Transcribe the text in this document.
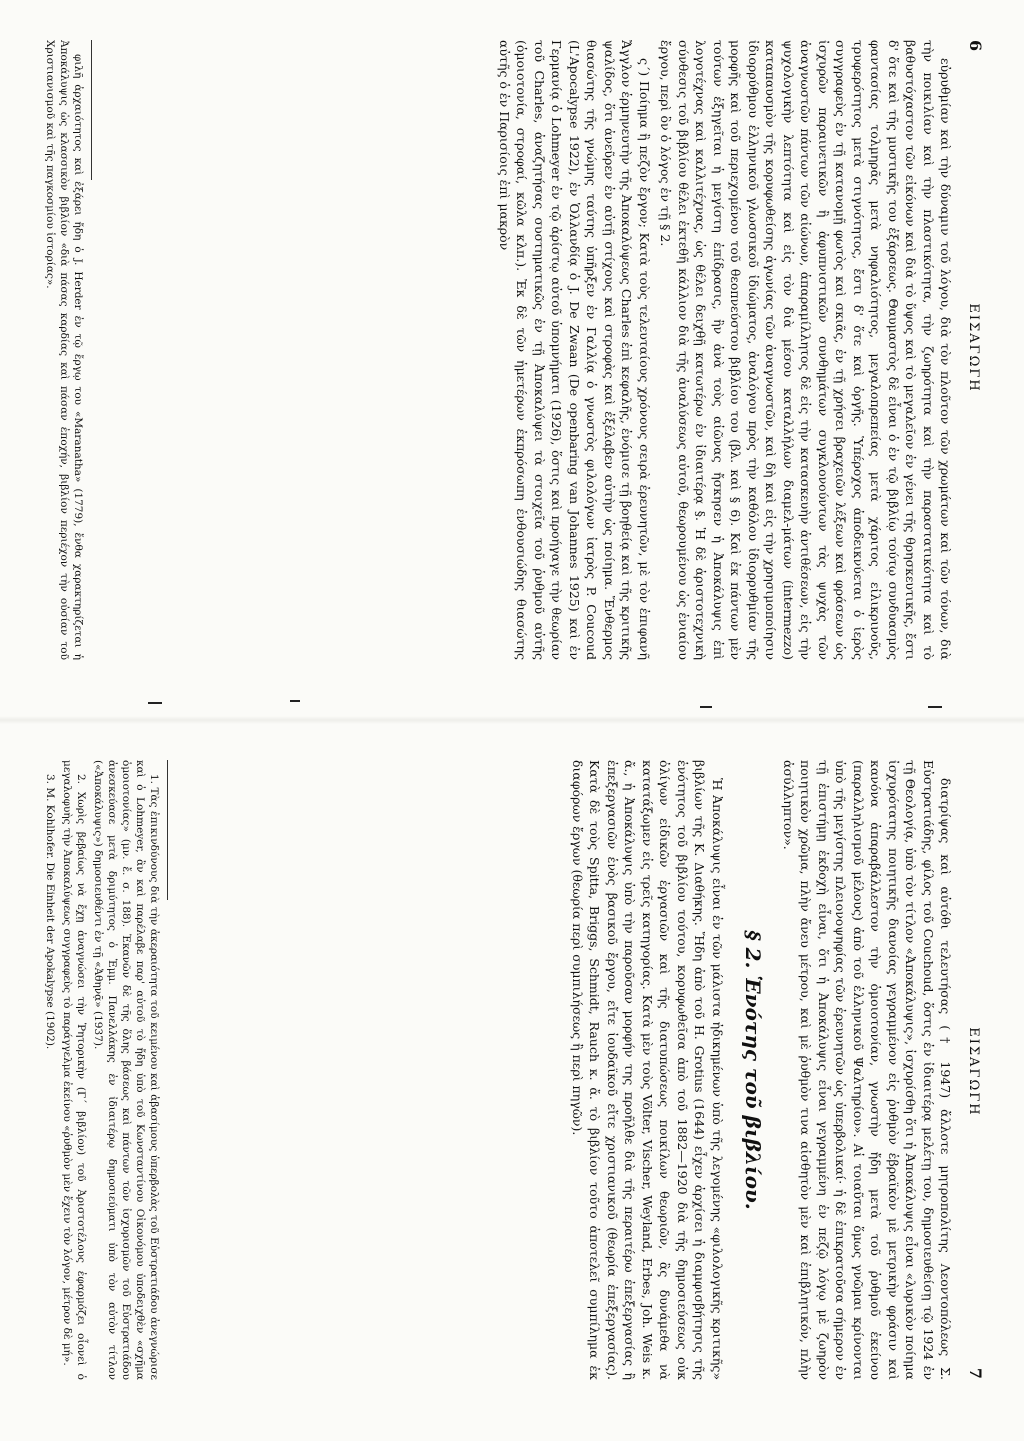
6
ΕΙΣΑΓΩΓΗ

εὐρυθμίαν καὶ τὴν δύναμιν τοῦ λόγου, διὰ τὸν πλοῦτον τῶν χρωμάτων καὶ τῶν τόνων, διὰ τὴν ποικιλίαν καὶ τὴν πλαστικότητα, τὴν ζωηρότητα καὶ τὴν παραστατικότητα καὶ τὸ βαθυστόχαστον τῶν εἰκόνων καὶ διὰ τὸ ὕψος καὶ τὸ μεγαλεῖον ἐν γένει τῆς θρησκευτικῆς, ἔστι δ' ὅτε καὶ τῆς μυστικῆς του ἐξάρσεως. Θαυμαστὸς δὲ εἶναι ὁ ἐν τῷ βιβλίῳ τούτῳ συνδυασμὸς φαντασίας τολμηρᾶς μετὰ νηφαλιότητος, μεγαλοπρεπείας μετὰ χάριτος εἰλικρινοῦς, τρυφερότητος μετὰ στιγνότητος, ἔστι δ' ὅτε καὶ ὀργῆς. Ὑπέροχος ἀποδεικνύεται ὁ ἱερὸς συγγραφεὺς ἐν τῇ κατανομῇ φωτὸς καὶ σκιᾶς, ἐν τῇ χρήσει βραχειῶν λέξεων καὶ φράσεων ὡς ἰσχυρῶν παραινετικῶν ἢ ἀφυπνιστικῶν συνθημάτων συγκλονούντων τὰς ψυχὰς τῶν ἀναγνωστῶν πάντων τῶν αἰώνων, ἀπαραμίλλητος δὲ εἰς τὴν κατασκευὴν ἀντιθέσεων, εἰς τὴν ψυχολογικὴν λεπτότητα καὶ εἰς τὸν διὰ μέσου καταλλήλων διαμελ-μάτων (intermezzo) καταπαυσμὸν τῆς κορυφωθείσης ἀγωνίας τῶν ἀναγνωστῶν, καὶ δὴ καὶ εἰς τὴν χρησιμοποίησιν ἰδιορρύθμου ἑλληνικοῦ γλωσσικοῦ ἰδιώματος, ἀναλόγου πρὸς τὴν καθόλου ἰδιορρυθμίαν τῆς μορφῆς καὶ τοῦ περιεχομένου τοῦ θεοπνεύστου βιβλίου του (βλ. καὶ § 6). Καὶ ἐκ πάντων μὲν τούτων ἐξηγεῖται ἡ μεγίστη ἐπίδρασις, ἣν ἀνὰ τοὺς αἰῶνας ἤσκησεν ἡ Ἀποκάλυψις ἐπὶ λογοτέχνας καὶ καλλιτέχνας, ὡς θέλει δειχθῇ κατωτέρω ἐν ἰδιαιτέρᾳ §. Ἡ δὲ ἀριστοτεχνικὴ σύνθεσις τοῦ βιβλίου θέλει ἐκτεθῆ κάλλιον διὰ τῆς ἀναλύσεως αὐτοῦ, θεωρουμένου ὡς ἑνιαίου ἔργου, περὶ ὃν ὁ λόγος ἐν τῇ § 2.

ς´) Ποίημα ἢ πεζὸν ἔργον; Κατὰ τοὺς τελευταίους χρόνους σειρὰ ἐρευνητῶν, μὲ τὸν ἐπιφανῆ Ἄγγλον ἑρμηνευτὴν τῆς Ἀποκαλύψεως Charles ἐπὶ κεφαλῆς, ἐνόμισε τῇ βοηθείᾳ καὶ τῆς κριτικῆς ψαλίδος, ὅτι ἀνεῦρεν ἐν αὐτῇ στίχους καὶ στροφὰς καὶ ἐξέλαβεν αὐτὴν ὡς ποίημα. Ἔνθερμος θιασώτης τῆς γνώμης ταύτης ὑπῆρξεν ἐν Γαλλίᾳ ὁ γνωστὸς φιλολόγων ἰατρὸς P. Coucoud (L'Apocalypse 1922), ἐν Ὁλλανδίᾳ ὁ J. De Zwaan (De openbaring van Johannes 1925) καὶ ἐν Γερμανίᾳ ὁ Lohmeyer ἐν τῷ ἀρίστῳ αὐτοῦ ὑπομνήματι (1926), ὅστις καὶ προήγαγε τὴν θεωρίαν τοῦ Charles, ἀναζητήσας συστηματικῶς ἐν τῇ Ἀποκαλύψει τὰ στοιχεῖα τοῦ ῥυθμοῦ αὐτῆς (ὁμοιοτονία, στροφαί, κῶλα κλπ.). Ἐκ δὲ τῶν ἡμετέρων ἐκπρόσωπη ἐνθουσιώδης θιασώτης αὐτῆς ὁ ἐν Παρισίοις ἐπὶ μακρὸν

φιλῆ ἀρχαιότητος καὶ ἐξάρει ἤδη ὁ J. Herder ἐν τῷ ἔργῳ του «Maranatha» (1779), ἔνθα χαρακτηρίζεται ἡ Ἀποκάλυψις ὡς κλασσικὸν βιβλίον «διὰ πάσας καρδίας καὶ πάσαν ἐποχήν, βιβλίον περιέχον τὴν οὐσίαν τοῦ Χριστιανισμοῦ καὶ τῆς παγκοσμίου ἱστορίας».

ΕΙΣΑΓΩΓΗ
7

διατρίψας καὶ αὐτόθι τελευτήσας († 1947) ἄλλοτε μητροπολίτης Λεοντοπόλεως Σ. Εὐστρατιάδης, φίλος τοῦ Couchoud, ὅστις ἐν ἰδιαιτέρᾳ μελέτῃ του, δημοσιευθείσῃ τῷ 1924 ἐν τῇ Θεολογίᾳ, ὑπὸ τὸν τίτλον «Ἀποκάλυψις», ἰσχυρίσθη ὅτι ἡ Ἀποκάλυψις εἶναι «λυρικὸν ποίημα ἰσχυρότατης ποιητικῆς διανοίας γεγραμμένον εἰς ῥυθμὸν ἑβραϊκὸν μὲ μετρικὴν φράσιν καὶ κανόνα ἀπαραβάλλεστον τὴν ὁμοιοτονίαν, γνωστὴν ἤδη μετὰ τοῦ ῥυθμοῦ ἐκείνου (παραλληλισμοῦ μέλους) ἀπὸ τοῦ ἑλληνικοῦ Ψαλτηρίου». Αἱ τοιαῦται ὅμως γνῶμαι κρίνονται ὑπὸ τῆς μεγίστης πλειονοψηφίας τῶν ἐρευνητῶν ὡς ὑπερβολικαί· ἡ δὲ ἐπικρατοῦσα σήμερον ἐν τῇ ἐπιστήμῃ ἐκδοχὴ εἶναι, ὅτι ἡ Ἀποκάλυψις εἶναι γεγραμμένη ἐν πεζῷ λόγῳ μὲ ζωηρὸν ποιητικὸν χρῶμα, πλὴν ἄνευ μέτρου, καὶ μὲ ῥυθμὸν τινα αἰσθητὸν μὲν καὶ ἐπιβλητικόν, πλὴν ἀσύλληπτον».

§ 2. Ἑνότης τοῦ βιβλίου.

Ἡ Ἀποκάλυψις εἶναι ἐν τῶν μάλιστα ἠδικημένων ὑπὸ τῆς λεγομένης «φιλολογικῆς κριτικῆς» βιβλίων τῆς Κ. Διαθήκης. Ἤδη ἀπὸ τοῦ H. Grotius (1644) εἶχεν ἀρχίσει ἡ διαμφισβήτησις τῆς ἑνότητος τοῦ βιβλίου τούτου, κορυφωθεῖσα ἀπὸ τοῦ 1882—1920 διὰ τῆς δημοσιεύσεως οὐκ ὀλίγων εἰδικῶν ἐργασιῶν καὶ τῆς διατυπώσεως ποικίλων θεωριῶν, ἃς δυνάμεθα νὰ κατατάξωμεν εἰς τρεῖς κατηγορίας. Κατὰ μὲν τοὺς Völter, Vischer, Weyland, Erbes, Joh. Weis κ. ἄ., ἡ Ἀποκάλυψις ὑπὸ τὴν παροῦσαν μορφήν της προῆλθε διὰ τῆς περαιτέρω ἐπεξεργασίας ἢ ἐπεξεργασιῶν ἑνὸς βασικοῦ ἔργου, εἴτε ἰουδαϊκοῦ εἴτε χριστιανικοῦ (θεωρία ἐπεξεργασίας). Κατὰ δὲ τοὺς Spitta, Briggs, Schmidt, Rauch κ. ἄ. τὸ βιβλίον τοῦτο ἀποτελεῖ συμπίλημα ἐκ διαφόρων ἔργων (θεωρία περὶ συμπιλήσεως ἢ περὶ πηγῶν).

1. Τὰς ἐπικινδύνους διὰ τὴν ἀκεραιότητα τοῦ κειμένου καὶ ἀβασίμους ὑπερβολὰς τοῦ Εὐστρατιάδου ἀνεγνώρισε καὶ ὁ Lohmeyer, ἂν καὶ παρέλαβε παρ' αὐτοῦ τὸ ἤδη ὑπὸ τοῦ Κωνσταντίνου Οἰκονόμου ὑποδειχθὲν «σχῆμα ὁμοιοτονίας» (μν. ἔ. σ. 188). Ἐκανῶν δὲ τῆς ὅλης βάσεως καὶ πάντων τῶν ἰσχυρισμῶν τοῦ Εὐστρατιάδου ἀνεσκεύασε μετὰ δριμύτητος ὁ Ἐμμ. Πανελλάκης ἐν ἰδιαιτέρῳ δημοσιεύματι ὑπὸ τὸν αὐτὸν τίτλον («Ἀποκάλυψις») δημοσιευθέντι ἐν τῇ «Ἀθηνᾷ» (1937).

2. Χωρὶς βεβαίως νὰ ἔχῃ ἀναγνώσει τὴν Ῥητορικὴν (Γ΄ βιβλίον) τοῦ Ἀριστοτέλους ἐφαρμόζει οἷονεὶ ὁ μεγαλοφυὴς τὴν Ἀποκαλύψεως συγγραφεὺς τὸ παράγγελμα ἐκείνου «ῥυθμὸν μὲν ἔχειν τὸν λόγον, μέτρον δὲ μή».

3. M. Kohlhofer. Die Einheit der Apokalypse (1902).
